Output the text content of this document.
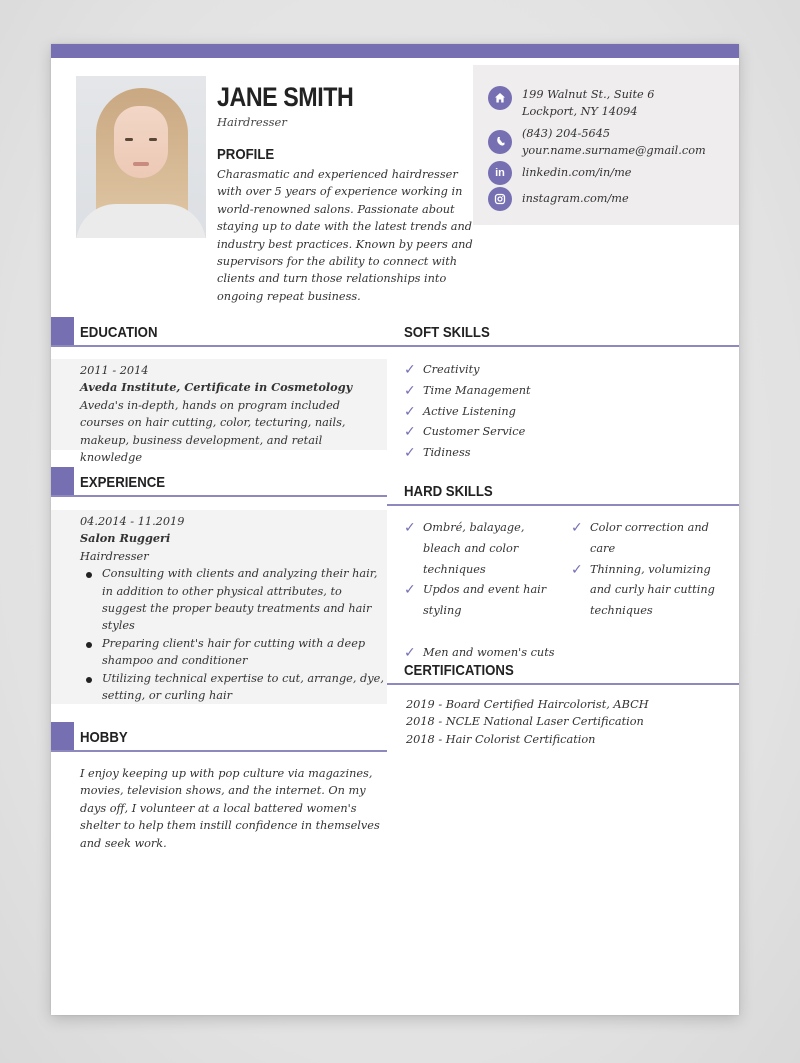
JANE SMITH
Hairdresser
PROFILE
Charasmatic and experienced hairdresser with over 5 years of experience working in world-renowned salons. Passionate about staying up to date with the latest trends and industry best practices. Known by peers and supervisors for the ability to connect with clients and turn those relationships into ongoing repeat business.
199 Walnut St., Suite 6
Lockport, NY 14094
(843) 204-5645
your.name.surname@gmail.com
in linkedin.com/in/me
instagram.com/me
EDUCATION
2011 - 2014
Aveda Institute, Certificate in Cosmetology
Aveda's in-depth, hands on program included courses on hair cutting, color, tecturing, nails, makeup, business development, and retail knowledge
EXPERIENCE
04.2014 - 11.2019
Salon Ruggeri
Hairdresser
Consulting with clients and analyzing their hair, in addition to other physical attributes, to suggest the proper beauty treatments and hair styles
Preparing client's hair for cutting with a deep shampoo and conditioner
Utilizing technical expertise to cut, arrange, dye, setting, or curling hair
HOBBY
I enjoy keeping up with pop culture via magazines, movies, television shows, and the internet. On my days off, I volunteer at a local battered women's shelter to help them instill confidence in themselves and seek work.
SOFT SKILLS
✓ Creativity
✓ Time Management
✓ Active Listening
✓ Customer Service
✓ Tidiness
HARD SKILLS
✓ Ombré, balayage, bleach and color techniques
✓ Updos and event hair styling
✓ Men and women's cuts
✓ Color correction and care
✓ Thinning, volumizing and curly hair cutting techniques
CERTIFICATIONS
2019 - Board Certified Haircolorist, ABCH
2018 - NCLE National Laser Certification
2018 - Hair Colorist Certification
